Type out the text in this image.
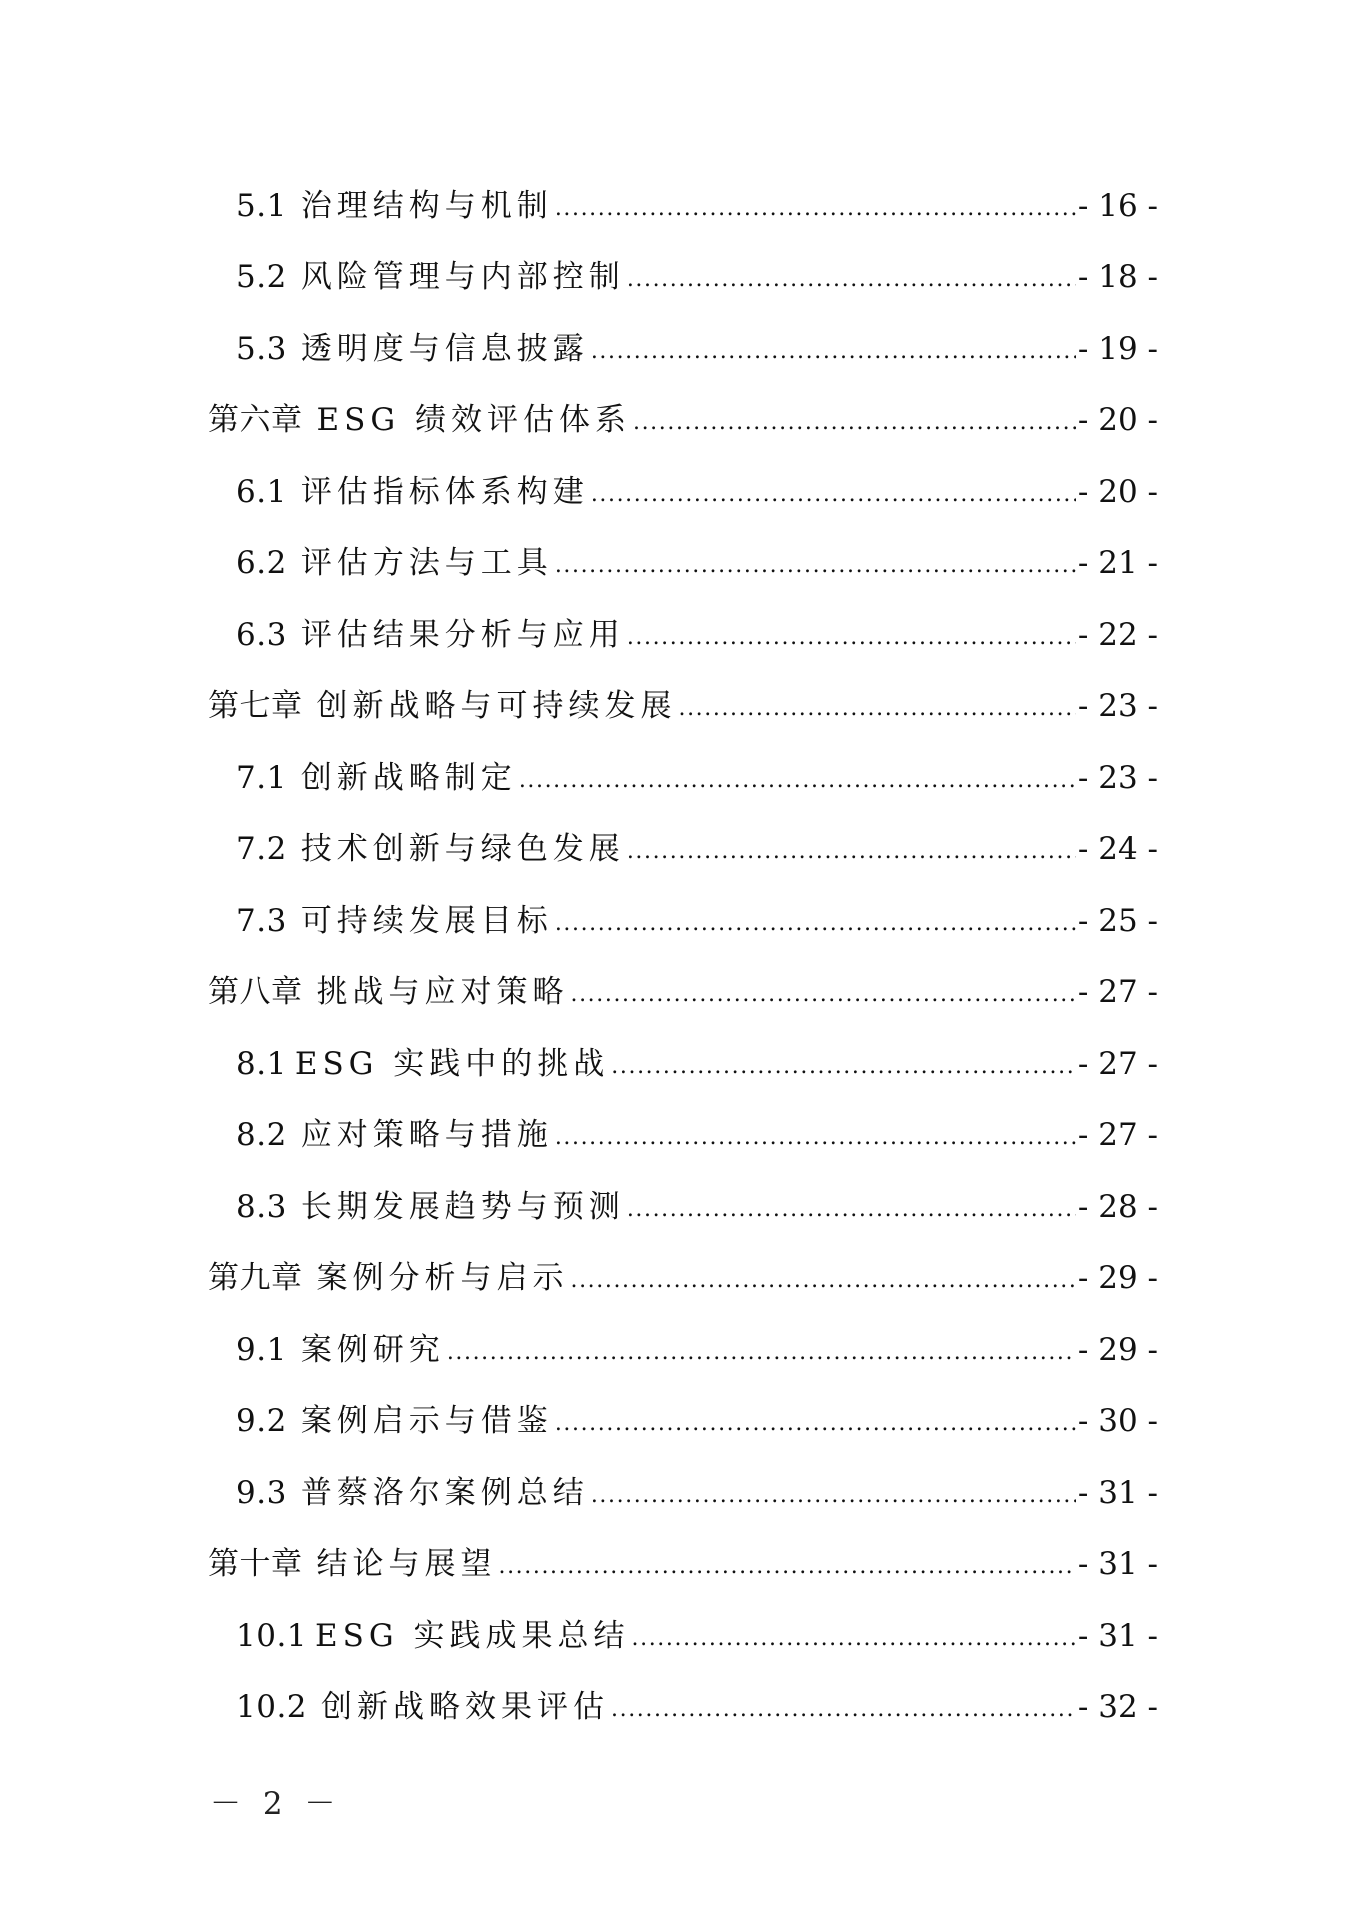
5.1 治理结构与机制 .....	- 16 -
5.2 风险管理与内部控制 .....	- 18 -
5.3 透明度与信息披露 .....	- 19 -
第六章 ESG 绩效评估体系 .....	- 20 -
6.1 评估指标体系构建 .....	- 20 -
6.2 评估方法与工具 .....	- 21 -
6.3 评估结果分析与应用 .....	- 22 -
第七章 创新战略与可持续发展 .....	- 23 -
7.1 创新战略制定 .....	- 23 -
7.2 技术创新与绿色发展 .....	- 24 -
7.3 可持续发展目标 .....	- 25 -
第八章 挑战与应对策略 .....	- 27 -
8.1 ESG 实践中的挑战 .....	- 27 -
8.2 应对策略与措施 .....	- 27 -
8.3 长期发展趋势与预测 .....	- 28 -
第九章 案例分析与启示 .....	- 29 -
9.1 案例研究 .....	- 29 -
9.2 案例启示与借鉴 .....	- 30 -
9.3 普蔡洛尔案例总结 .....	- 31 -
第十章 结论与展望 .....	- 31 -
10.1 ESG 实践成果总结 .....	- 31 -
10.2 创新战略效果评估 .....	- 32 -
－ 2 －
